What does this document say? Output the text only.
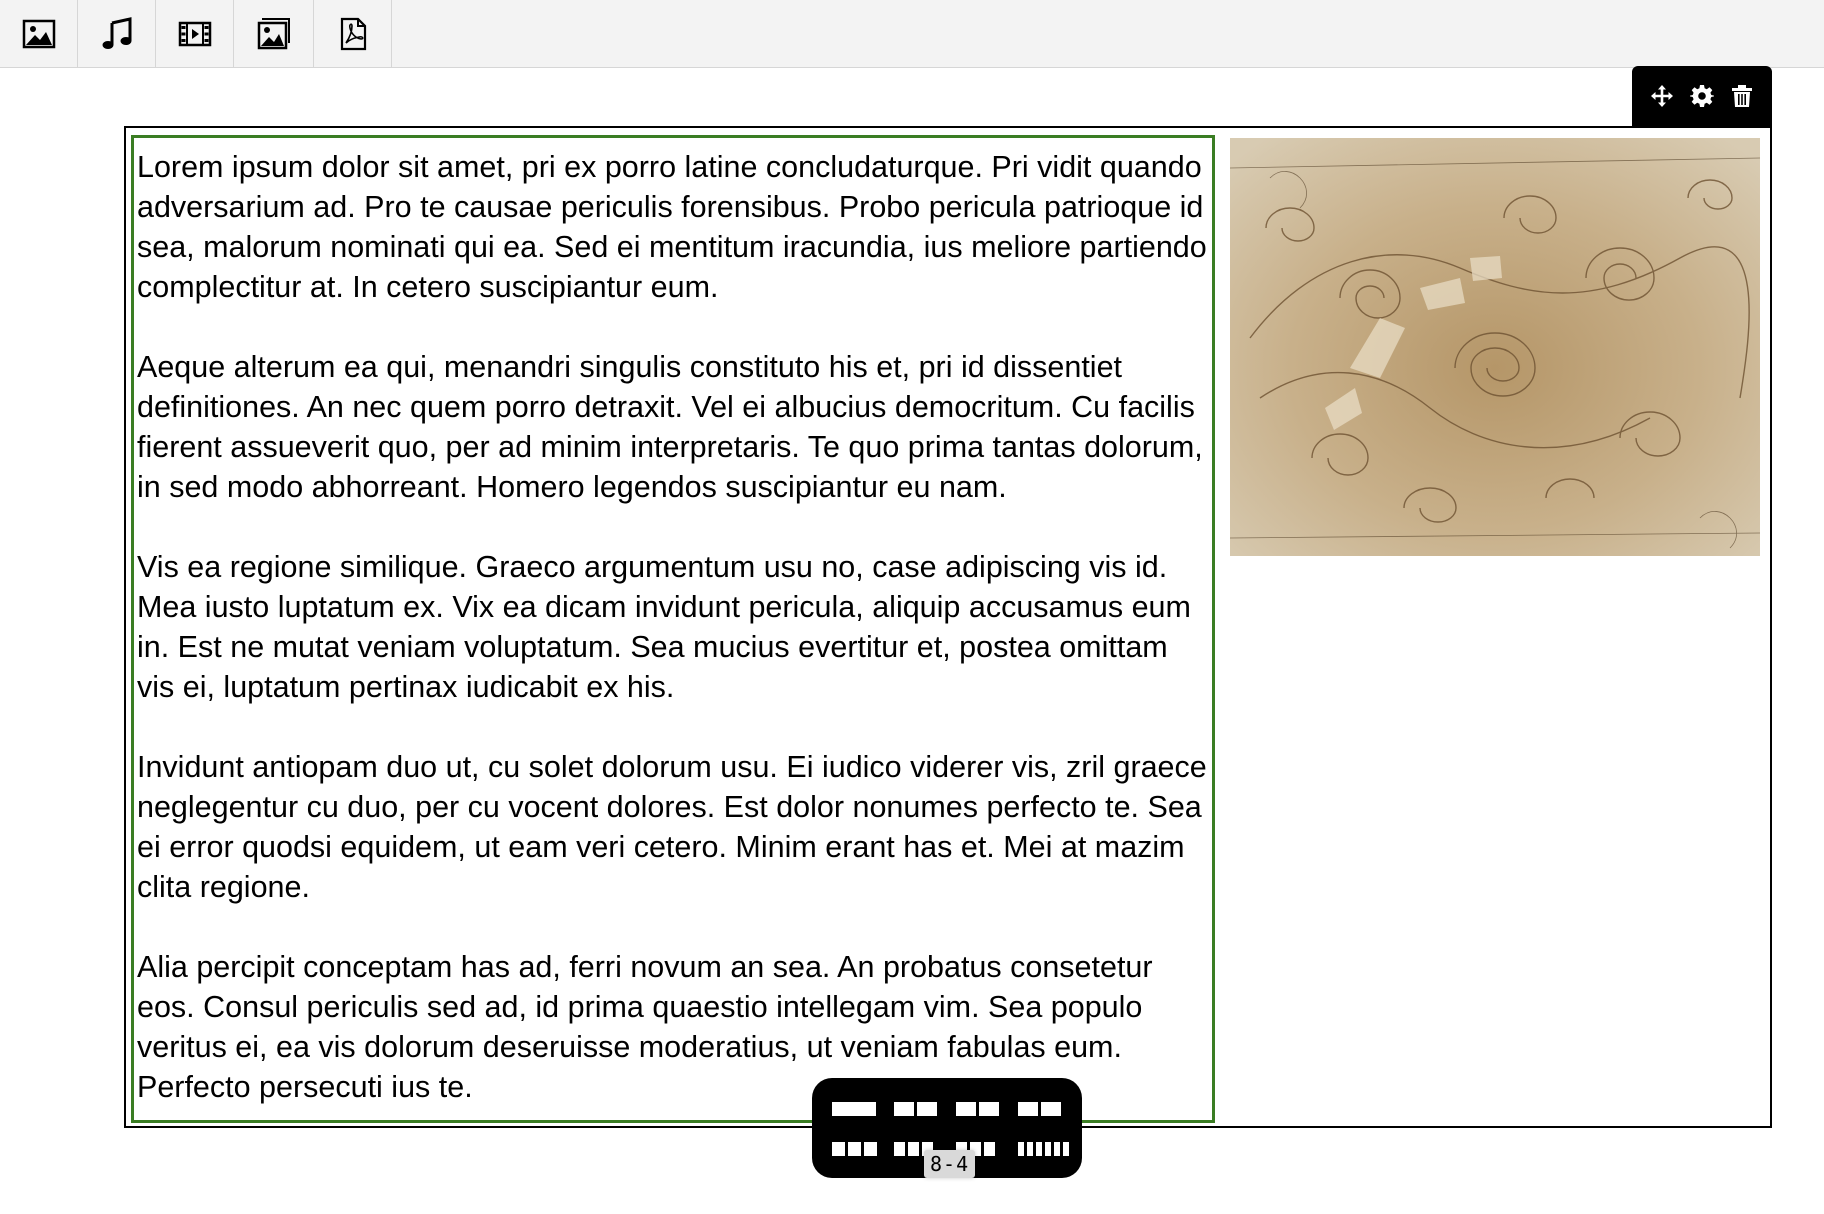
Lorem ipsum dolor sit amet, pri ex porro latine concludaturque. Pri vidit quando adversarium ad. Pro te causae periculis forensibus. Probo pericula patrioque id sea, malorum nominati qui ea. Sed ei mentitum iracundia, ius meliore partiendo complectitur at. In cetero suscipiantur eum.

Aeque alterum ea qui, menandri singulis constituto his et, pri id dissentiet definitiones. An nec quem porro detraxit. Vel ei albucius democritum. Cu facilis fierent assueverit quo, per ad minim interpretaris. Te quo prima tantas dolorum, in sed modo abhorreant. Homero legendos suscipiantur eu nam.

Vis ea regione similique. Graeco argumentum usu no, case adipiscing vis id. Mea iusto luptatum ex. Vix ea dicam invidunt pericula, aliquip accusamus eum in. Est ne mutat veniam voluptatum. Sea mucius evertitur et, postea omittam vis ei, luptatum pertinax iudicabit ex his.

Invidunt antiopam duo ut, cu solet dolorum usu. Ei iudico viderer vis, zril graece neglegentur cu duo, per cu vocent dolores. Est dolor nonumes perfecto te. Sea ei error quodsi equidem, ut eam veri cetero. Minim erant has et. Mei at mazim clita regione.

Alia percipit conceptam has ad, ferri novum an sea. An probatus consetetur eos. Consul periculis sed ad, id prima quaestio intellegam vim. Sea populo veritus ei, ea vis dolorum deseruisse moderatius, ut veniam fabulas eum. Perfecto persecuti ius te.

8-4
